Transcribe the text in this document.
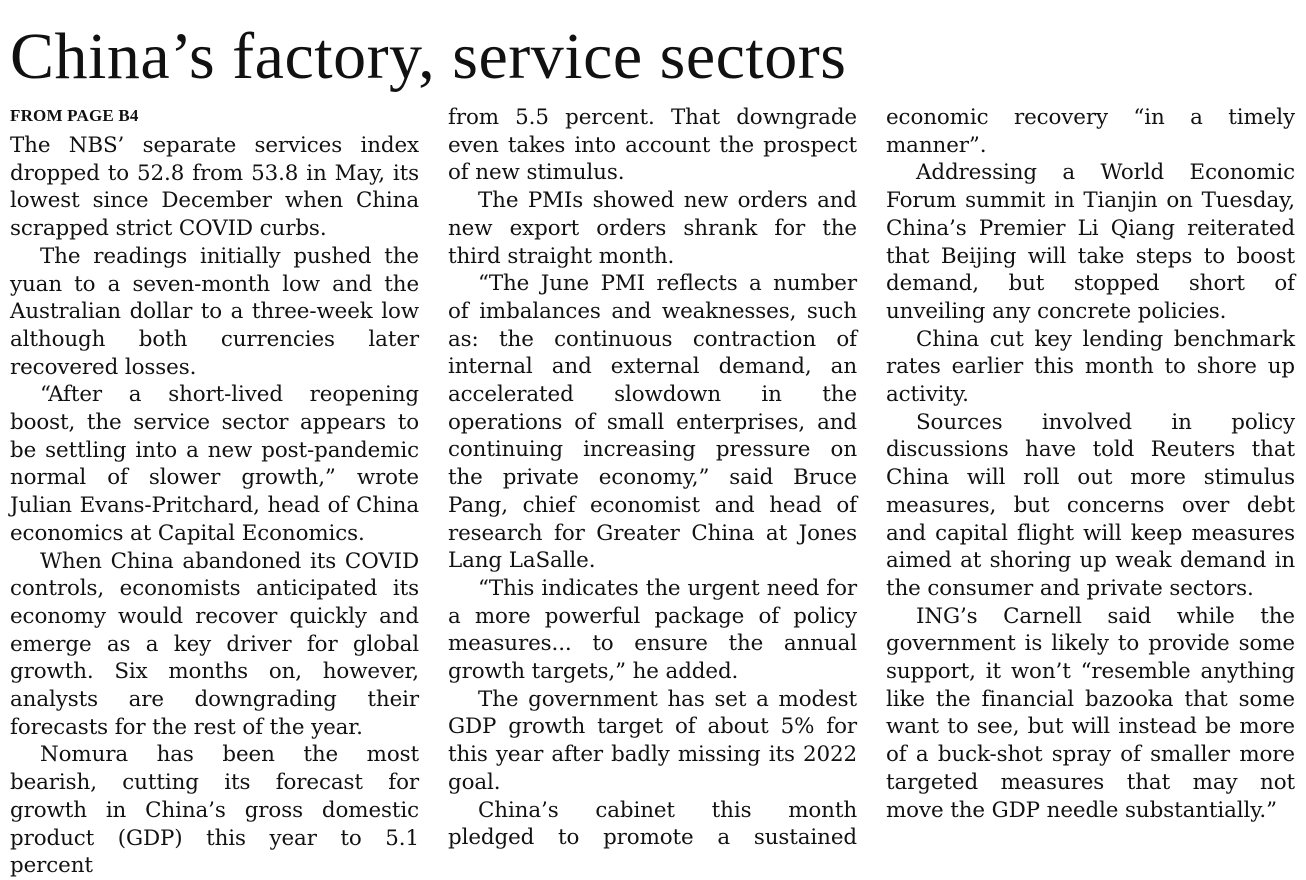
China’s factory, service sectors
FROM PAGE B4

The NBS’ separate services index dropped to 52.8 from 53.8 in May, its lowest since December when China scrapped strict COVID curbs.

The readings initially pushed the yuan to a seven-month low and the Australian dollar to a three-week low although both currencies later recovered losses.

“After a short-lived reopening boost, the service sector appears to be settling into a new post-pandemic normal of slower growth,” wrote Julian Evans-Pritchard, head of China economics at Capital Economics.

When China abandoned its COVID controls, economists anticipated its economy would recover quickly and emerge as a key driver for global growth. Six months on, however, analysts are downgrading their forecasts for the rest of the year.

Nomura has been the most bearish, cutting its forecast for growth in China’s gross domestic product (GDP) this year to 5.1 percent

from 5.5 percent. That downgrade even takes into account the prospect of new stimulus.

The PMIs showed new orders and new export orders shrank for the third straight month.

“The June PMI reflects a number of imbalances and weaknesses, such as: the continuous contraction of internal and external demand, an accelerated slowdown in the operations of small enterprises, and continuing increasing pressure on the private economy,” said Bruce Pang, chief economist and head of research for Greater China at Jones Lang LaSalle.

“This indicates the urgent need for a more powerful package of policy measures... to ensure the annual growth targets,” he added.

The government has set a modest GDP growth target of about 5% for this year after badly missing its 2022 goal.

China’s cabinet this month pledged to promote a sustained

economic recovery “in a timely manner”.

Addressing a World Economic Forum summit in Tianjin on Tuesday, China’s Premier Li Qiang reiterated that Beijing will take steps to boost demand, but stopped short of unveiling any concrete policies.

China cut key lending benchmark rates earlier this month to shore up activity.

Sources involved in policy discussions have told Reuters that China will roll out more stimulus measures, but concerns over debt and capital flight will keep measures aimed at shoring up weak demand in the consumer and private sectors.

ING’s Carnell said while the government is likely to provide some support, it won’t “resemble anything like the financial bazooka that some want to see, but will instead be more of a buck-shot spray of smaller more targeted measures that may not move the GDP needle substantially.”
